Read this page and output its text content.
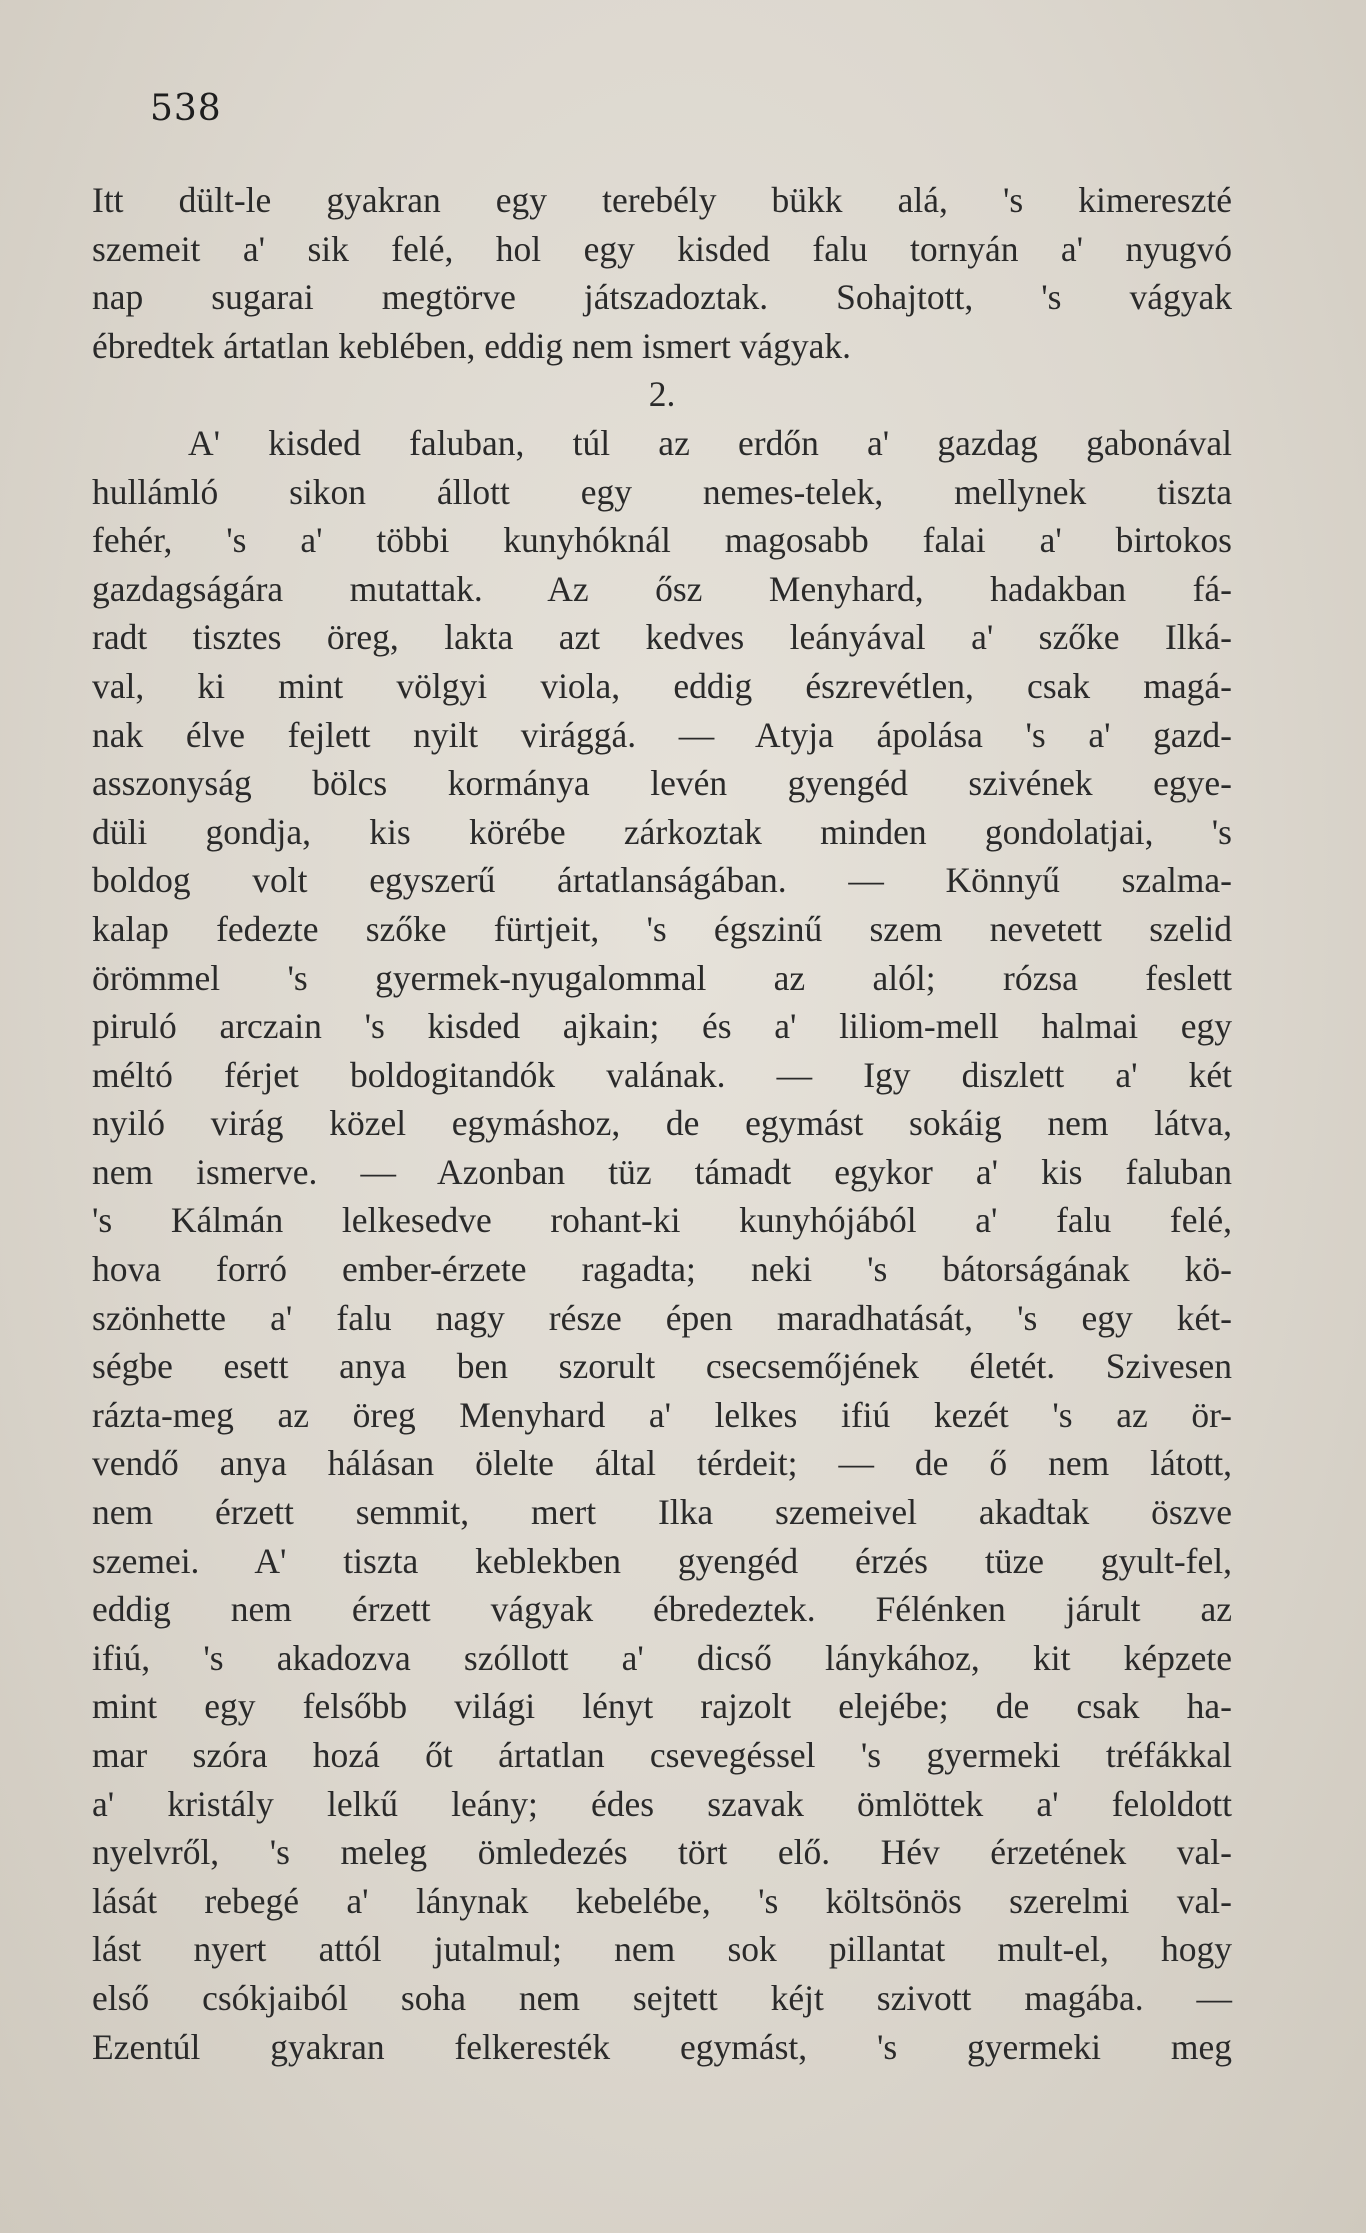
538
Itt dült-le gyakran egy terebély bükk alá, 's kimereszté
szemeit a' sik felé, hol egy kisded falu tornyán a' nyugvó
nap sugarai megtörve játszadoztak. Sohajtott, 's vágyak
ébredtek ártatlan keblében, eddig nem ismert vágyak.
2.
A' kisded faluban, túl az erdőn a' gazdag gabonával
hullámló sikon állott egy nemes-telek, mellynek tiszta
fehér, 's a' többi kunyhóknál magosabb falai a' birtokos
gazdagságára mutattak. Az ősz Menyhard, hadakban fá-
radt tisztes öreg, lakta azt kedves leányával a' szőke Ilká-
val, ki mint völgyi viola, eddig észrevétlen, csak magá-
nak élve fejlett nyilt virággá. — Atyja ápolása 's a' gazd-
asszonyság bölcs kormánya levén gyengéd szivének egye-
düli gondja, kis körébe zárkoztak minden gondolatjai, 's
boldog volt egyszerű ártatlanságában. — Könnyű szalma-
kalap fedezte szőke fürtjeit, 's égszinű szem nevetett szelid
örömmel 's gyermek-nyugalommal az alól; rózsa feslett
piruló arczain 's kisded ajkain; és a' liliom-mell halmai egy
méltó férjet boldogitandók valának. — Igy diszlett a' két
nyiló virág közel egymáshoz, de egymást sokáig nem látva,
nem ismerve. — Azonban tüz támadt egykor a' kis faluban
's Kálmán lelkesedve rohant-ki kunyhójából a' falu felé,
hova forró ember-érzete ragadta; neki 's bátorságának kö-
szönhette a' falu nagy része épen maradhatását, 's egy két-
ségbe esett anya ben szorult csecsemőjének életét. Szivesen
rázta-meg az öreg Menyhard a' lelkes ifiú kezét 's az ör-
vendő anya hálásan ölelte által térdeit; — de ő nem látott,
nem érzett semmit, mert Ilka szemeivel akadtak öszve
szemei. A' tiszta keblekben gyengéd érzés tüze gyult-fel,
eddig nem érzett vágyak ébredeztek. Félénken járult az
ifiú, 's akadozva szóllott a' dicső lánykához, kit képzete
mint egy felsőbb világi lényt rajzolt elejébe; de csak ha-
mar szóra hozá őt ártatlan csevegéssel 's gyermeki tréfákkal
a' kristály lelkű leány; édes szavak ömlöttek a' feloldott
nyelvről, 's meleg ömledezés tört elő. Hév érzetének val-
lását rebegé a' lánynak kebelébe, 's költsönös szerelmi val-
lást nyert attól jutalmul; nem sok pillantat mult-el, hogy
első csókjaiból soha nem sejtett kéjt szivott magába. —
Ezentúl gyakran felkeresték egymást, 's gyermeki meg
